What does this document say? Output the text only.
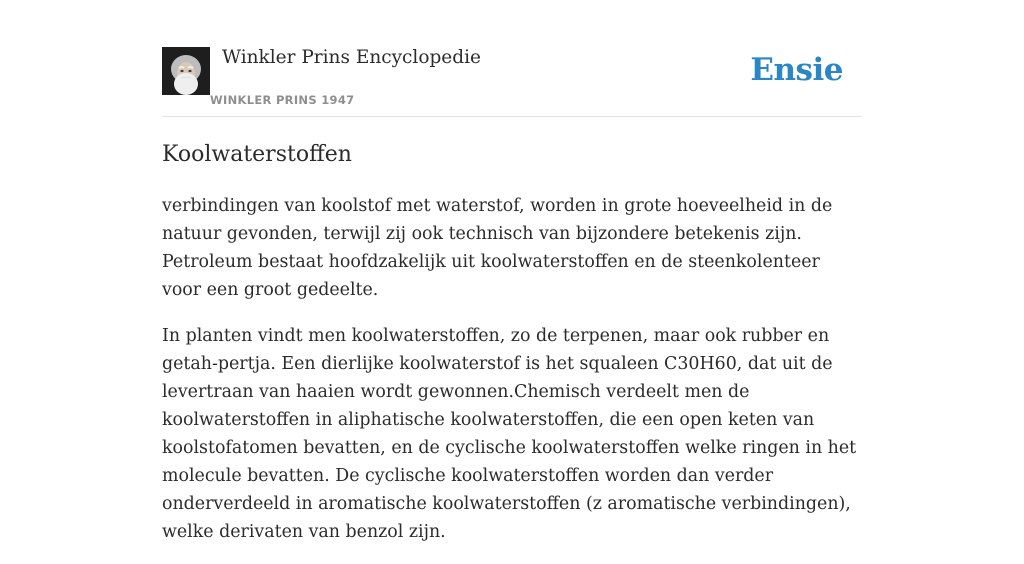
Winkler Prins Encyclopedie
WINKLER PRINS 1947
Ensie
Koolwaterstoffen

verbindingen van koolstof met waterstof, worden in grote hoeveelheid in de natuur gevonden, terwijl zij ook technisch van bijzondere betekenis zijn. Petroleum bestaat hoofdzakelijk uit koolwaterstoffen en de steenkolenteer voor een groot gedeelte.

In planten vindt men koolwaterstoffen, zo de terpenen, maar ook rubber en getah-pertja. Een dierlijke koolwaterstof is het squaleen C30H60, dat uit de levertraan van haaien wordt gewonnen.Chemisch verdeelt men de koolwaterstoffen in aliphatische koolwaterstoffen, die een open keten van koolstofatomen bevatten, en de cyclische koolwaterstoffen welke ringen in het molecule bevatten. De cyclische koolwaterstoffen worden dan verder onderverdeeld in aromatische koolwaterstoffen (z aromatische verbindingen), welke derivaten van benzol zijn.
